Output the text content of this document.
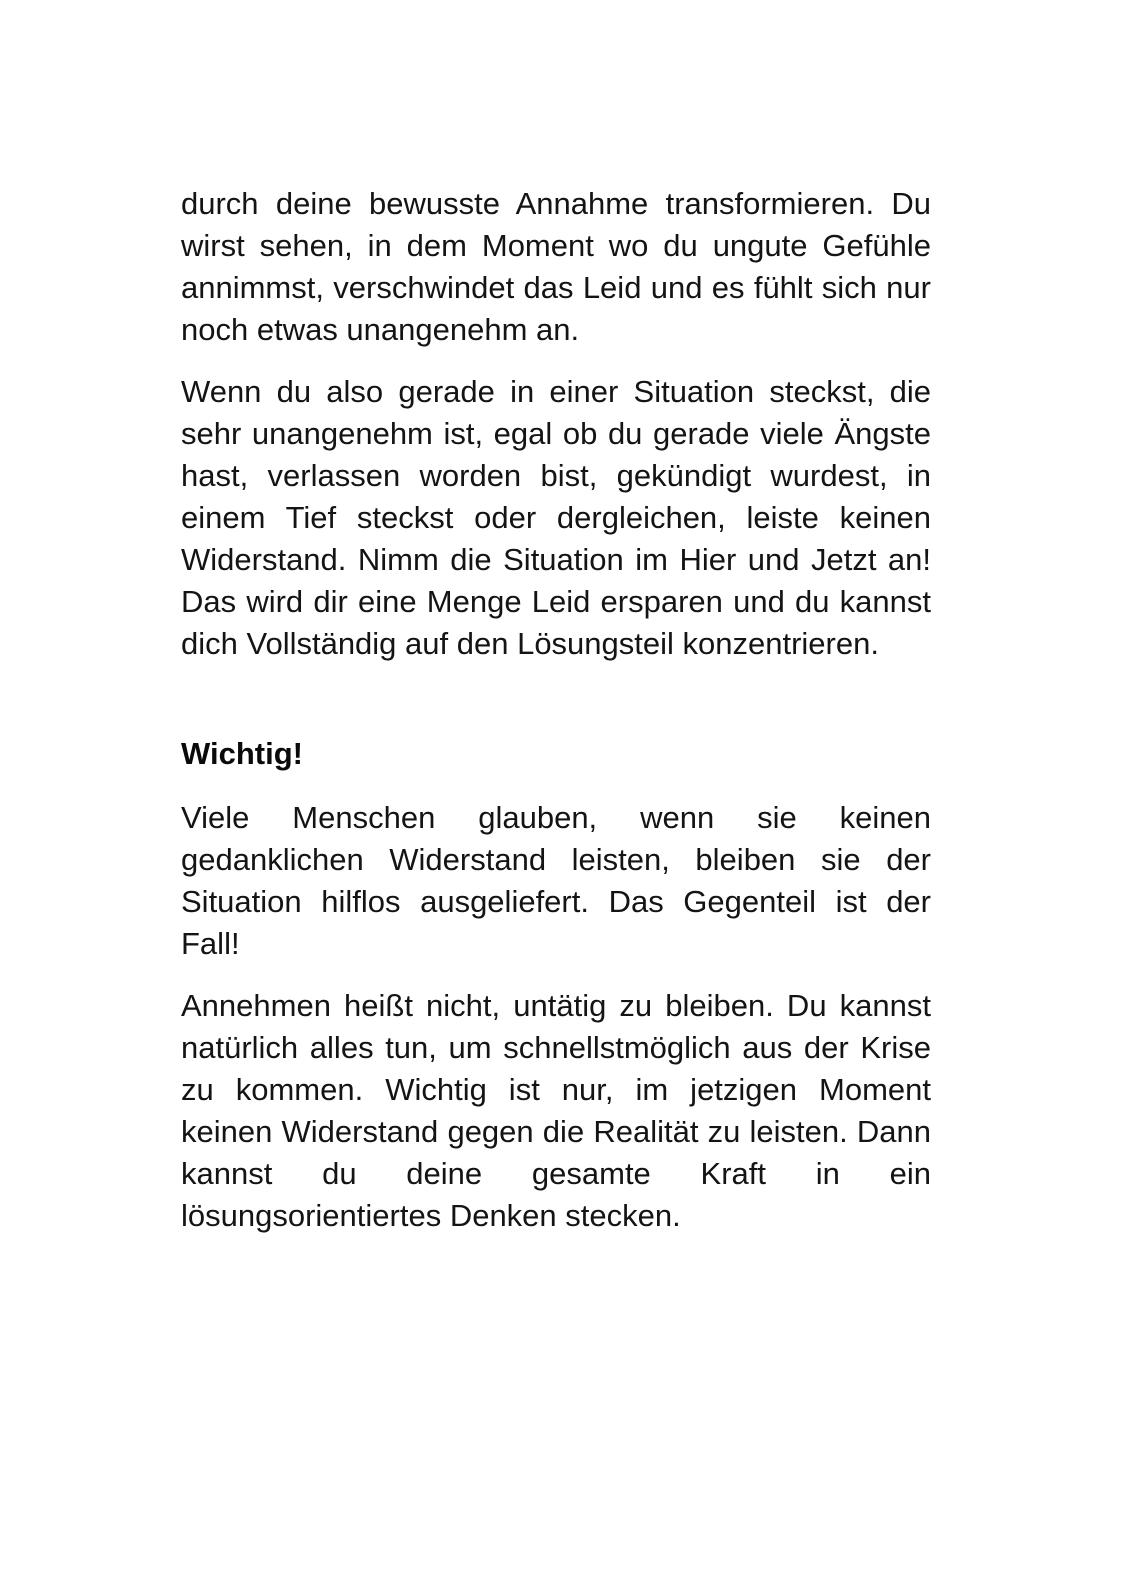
durch deine bewusste Annahme transformieren. Du wirst sehen, in dem Moment wo du ungute Gefühle annimmst, verschwindet das Leid und es fühlt sich nur noch etwas unangenehm an.

Wenn du also gerade in einer Situation steckst, die sehr unangenehm ist, egal ob du gerade viele Ängste hast, verlassen worden bist, gekündigt wurdest, in einem Tief steckst oder dergleichen, leiste keinen Widerstand. Nimm die Situation im Hier und Jetzt an! Das wird dir eine Menge Leid ersparen und du kannst dich Vollständig auf den Lösungsteil konzentrieren.

Wichtig!

Viele Menschen glauben, wenn sie keinen gedanklichen Widerstand leisten, bleiben sie der Situation hilflos ausgeliefert. Das Gegenteil ist der Fall!

Annehmen heißt nicht, untätig zu bleiben. Du kannst natürlich alles tun, um schnellstmöglich aus der Krise zu kommen. Wichtig ist nur, im jetzigen Moment keinen Widerstand gegen die Realität zu leisten. Dann kannst du deine gesamte Kraft in ein lösungsorientiertes Denken stecken.
